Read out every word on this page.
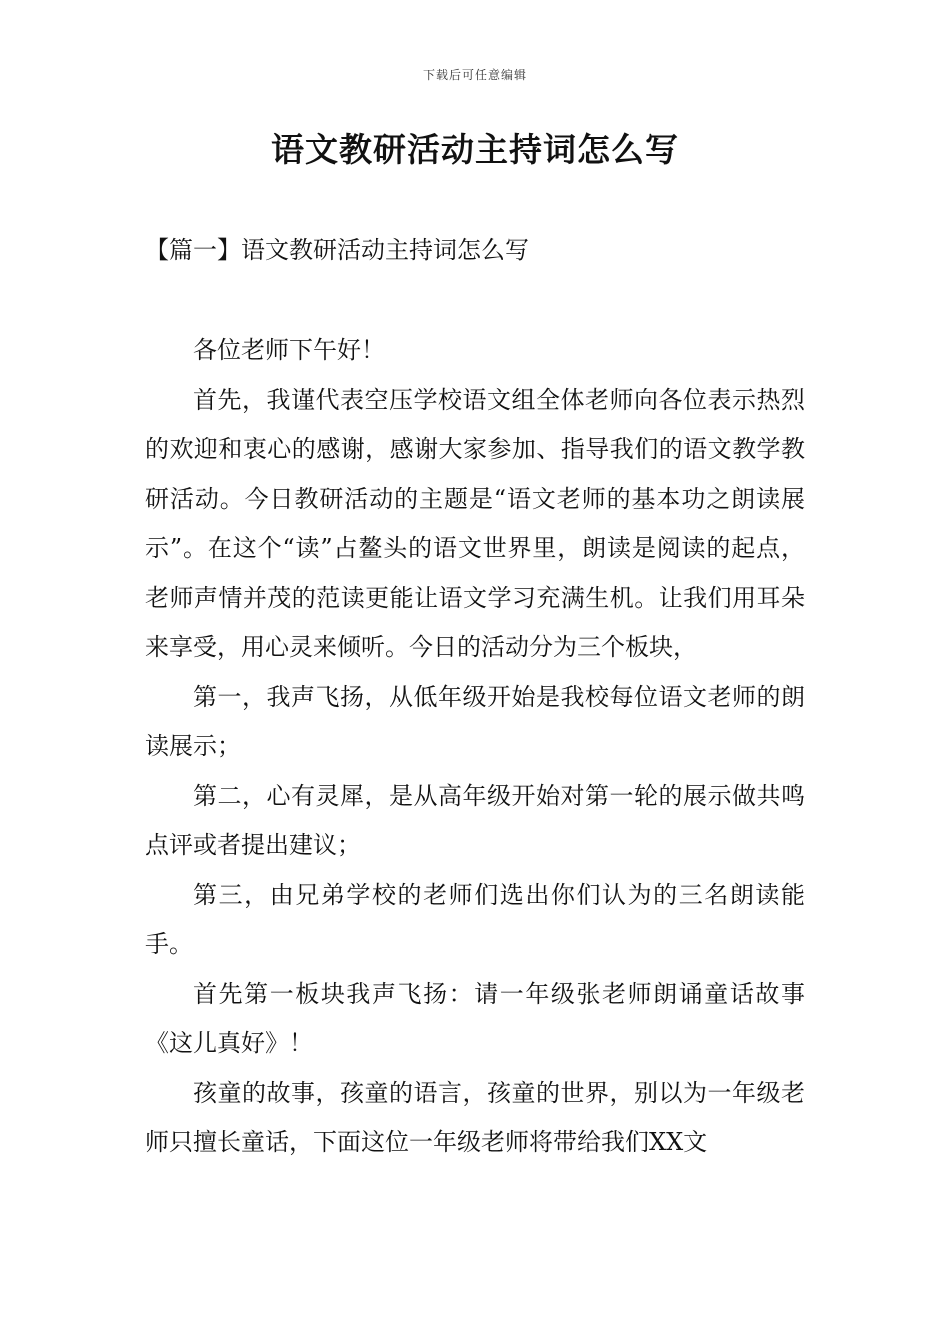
下载后可任意编辑
语文教研活动主持词怎么写
【篇一】语文教研活动主持词怎么写

各位老师下午好！

首先，我谨代表空压学校语文组全体老师向各位表示热烈的欢迎和衷心的感谢，感谢大家参加、指导我们的语文教学教研活动。今日教研活动的主题是“语文老师的基本功之朗读展示”。在这个“读”占鳌头的语文世界里，朗读是阅读的起点，老师声情并茂的范读更能让语文学习充满生机。让我们用耳朵来享受，用心灵来倾听。今日的活动分为三个板块，

第一，我声飞扬，从低年级开始是我校每位语文老师的朗读展示；

第二，心有灵犀，是从高年级开始对第一轮的展示做共鸣点评或者提出建议；

第三，由兄弟学校的老师们选出你们认为的三名朗读能手。

首先第一板块我声飞扬：请一年级张老师朗诵童话故事《这儿真好》！

孩童的故事，孩童的语言，孩童的世界，别以为一年级老师只擅长童话，下面这位一年级老师将带给我们XX文
